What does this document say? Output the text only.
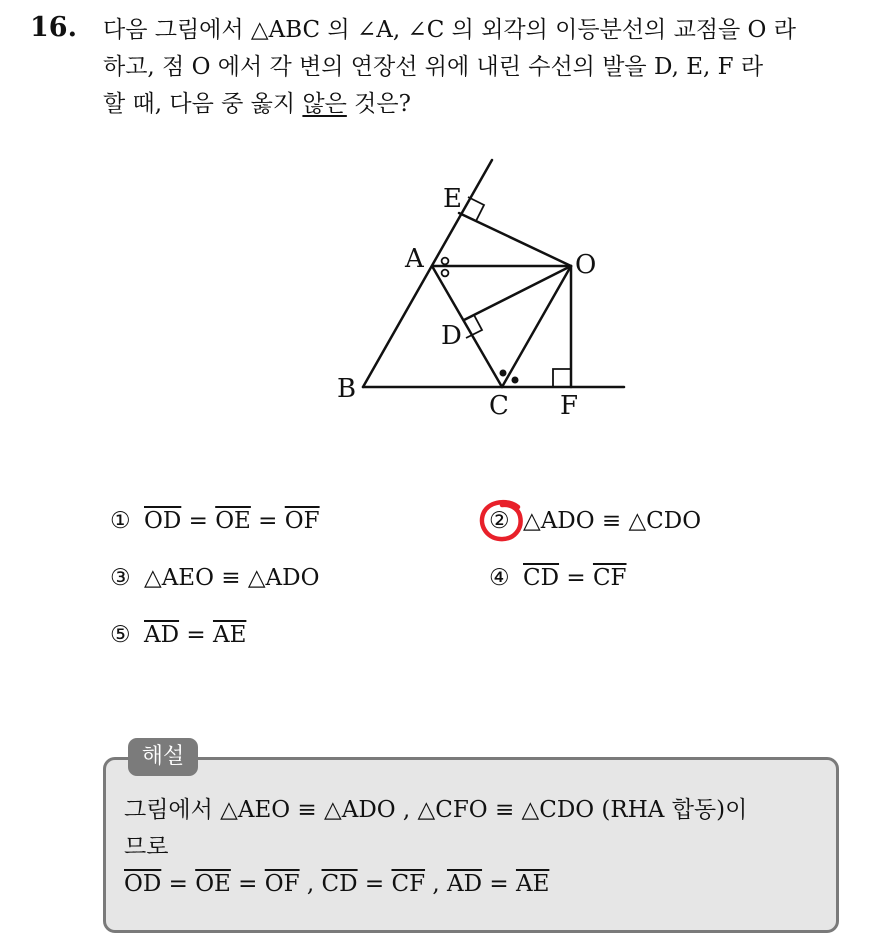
16. 다음 그림에서 △ABC 의 ∠A, ∠C 의 외각의 이등분선의 교점을 O 라
하고, 점 O 에서 각 변의 연장선 위에 내린 수선의 발을 D, E, F 라
할 때, 다음 중 옳지 않은 것은?
E
A	O
D
B
C F
① $\overline{OD} = \overline{OE} = \overline{OF}$	② △ADO ≡ △CDO
③ △AEO ≡ △ADO	④ $\overline{CD} = \overline{CF}$
⑤ $\overline{AD} = \overline{AE}$
해설
그림에서 △AEO ≡ △ADO , △CFO ≡ △CDO (RHA 합동)이
므로
$\overline{OD} = \overline{OE} = \overline{OF}$ , $\overline{CD} = \overline{CF}$ , $\overline{AD} = \overline{AE}$
